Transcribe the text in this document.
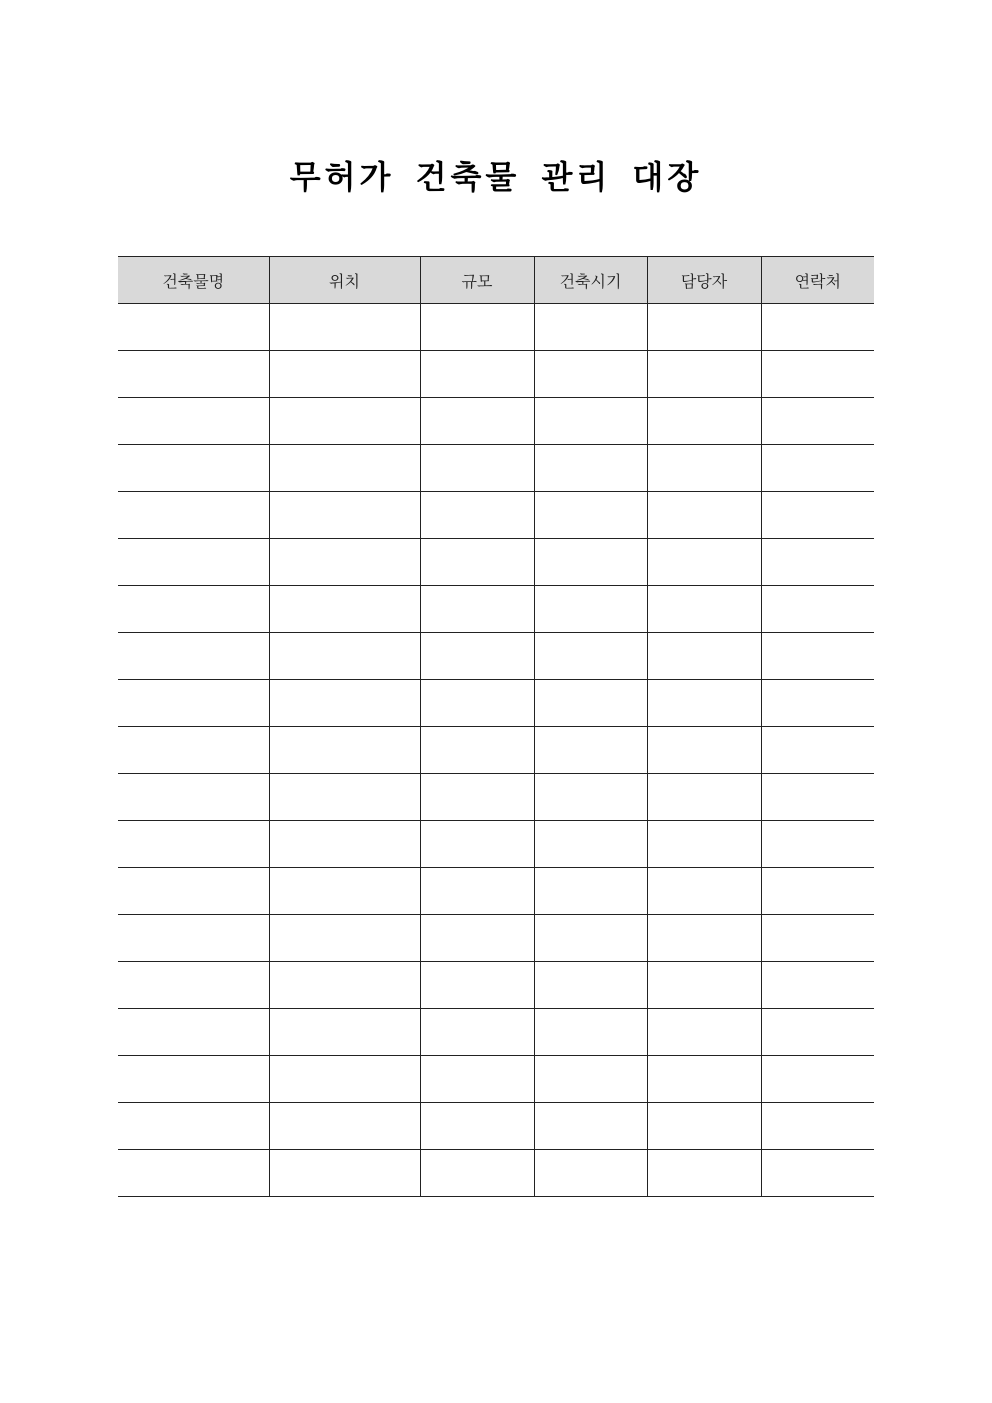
무허가 건축물 관리 대장
건축물명	위치	규모	건축시기	담당자	연락처
